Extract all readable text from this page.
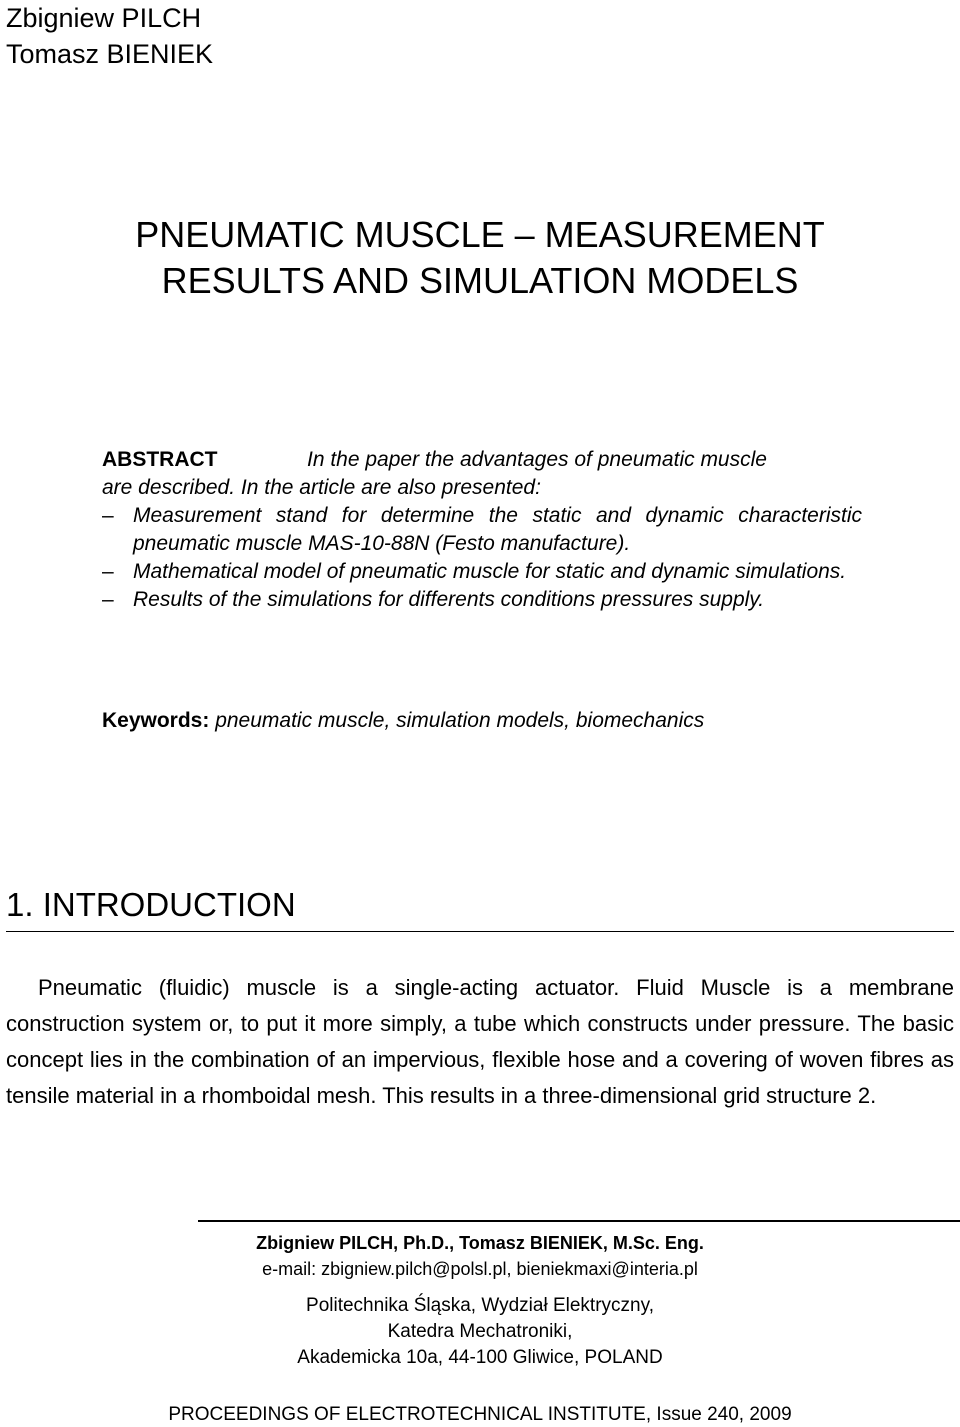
Zbigniew PILCH
Tomasz BIENIEK
PNEUMATIC MUSCLE – MEASUREMENT
RESULTS AND SIMULATION MODELS
ABSTRACT	In the paper the advantages of pneumatic muscle
are described. In the article are also presented:
– Measurement stand for determine the static and dynamic characteristic pneumatic muscle MAS-10-88N (Festo manufacture).
– Mathematical model of pneumatic muscle for static and dynamic simulations.
– Results of the simulations for differents conditions pressures supply.
Keywords: pneumatic muscle, simulation models, biomechanics
1. INTRODUCTION
Pneumatic (fluidic) muscle is a single-acting actuator. Fluid Muscle is a membrane construction system or, to put it more simply, a tube which constructs under pressure. The basic concept lies in the combination of an impervious, flexible hose and a covering of woven fibres as tensile material in a rhomboidal mesh. This results in a three-dimensional grid structure 2.
Zbigniew PILCH, Ph.D., Tomasz BIENIEK, M.Sc. Eng.
e-mail: zbigniew.pilch@polsl.pl, bieniekmaxi@interia.pl
Politechnika Śląska, Wydział Elektryczny,
Katedra Mechatroniki,
Akademicka 10a, 44-100 Gliwice, POLAND
PROCEEDINGS OF ELECTROTECHNICAL INSTITUTE, Issue 240, 2009
